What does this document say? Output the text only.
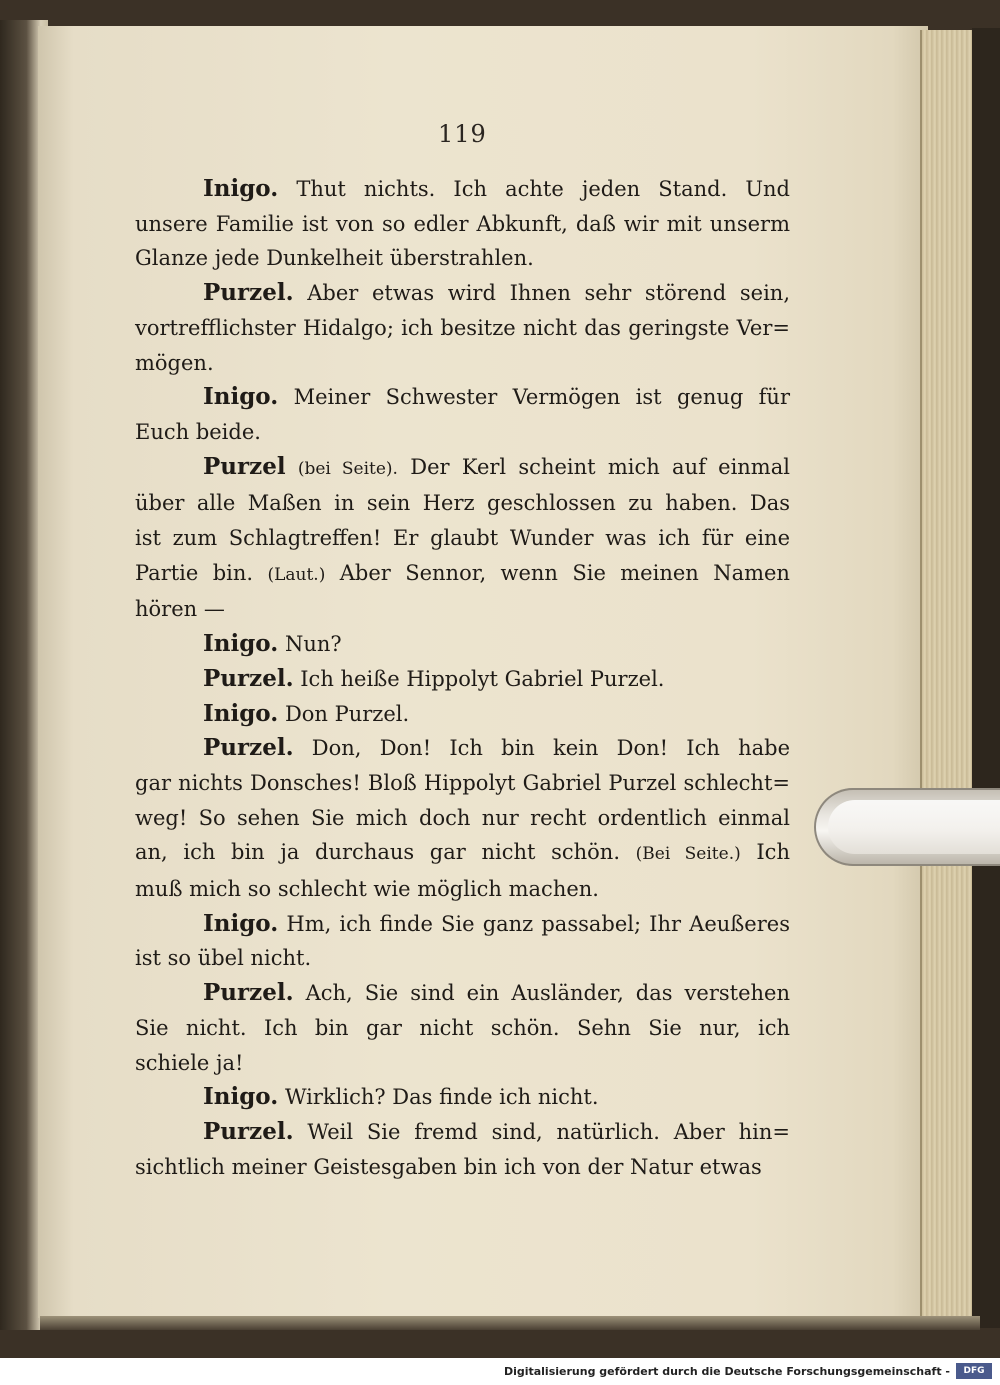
119
Inigo. Thut nichts. Ich achte jeden Stand. Und
unsere Familie ist von so edler Abkunft, daß wir mit unserm
Glanze jede Dunkelheit überstrahlen.
Purzel. Aber etwas wird Ihnen sehr störend sein,
vortrefflichster Hidalgo; ich besitze nicht das geringste Ver=
mögen.
Inigo. Meiner Schwester Vermögen ist genug für
Euch beide.
Purzel (bei Seite). Der Kerl scheint mich auf einmal
über alle Maßen in sein Herz geschlossen zu haben. Das
ist zum Schlagtreffen! Er glaubt Wunder was ich für eine
Partie bin. (Laut.) Aber Sennor, wenn Sie meinen Namen
hören —
Inigo. Nun?
Purzel. Ich heiße Hippolyt Gabriel Purzel.
Inigo. Don Purzel.
Purzel. Don, Don! Ich bin kein Don! Ich habe
gar nichts Donsches! Bloß Hippolyt Gabriel Purzel schlecht=
weg! So sehen Sie mich doch nur recht ordentlich einmal
an, ich bin ja durchaus gar nicht schön. (Bei Seite.) Ich
muß mich so schlecht wie möglich machen.
Inigo. Hm, ich finde Sie ganz passabel; Ihr Aeußeres
ist so übel nicht.
Purzel. Ach, Sie sind ein Ausländer, das verstehen
Sie nicht. Ich bin gar nicht schön. Sehn Sie nur, ich
schiele ja!
Inigo. Wirklich? Das finde ich nicht.
Purzel. Weil Sie fremd sind, natürlich. Aber hin=
sichtlich meiner Geistesgaben bin ich von der Natur etwas
Digitalisierung gefördert durch die Deutsche Forschungsgemeinschaft -	DFG
